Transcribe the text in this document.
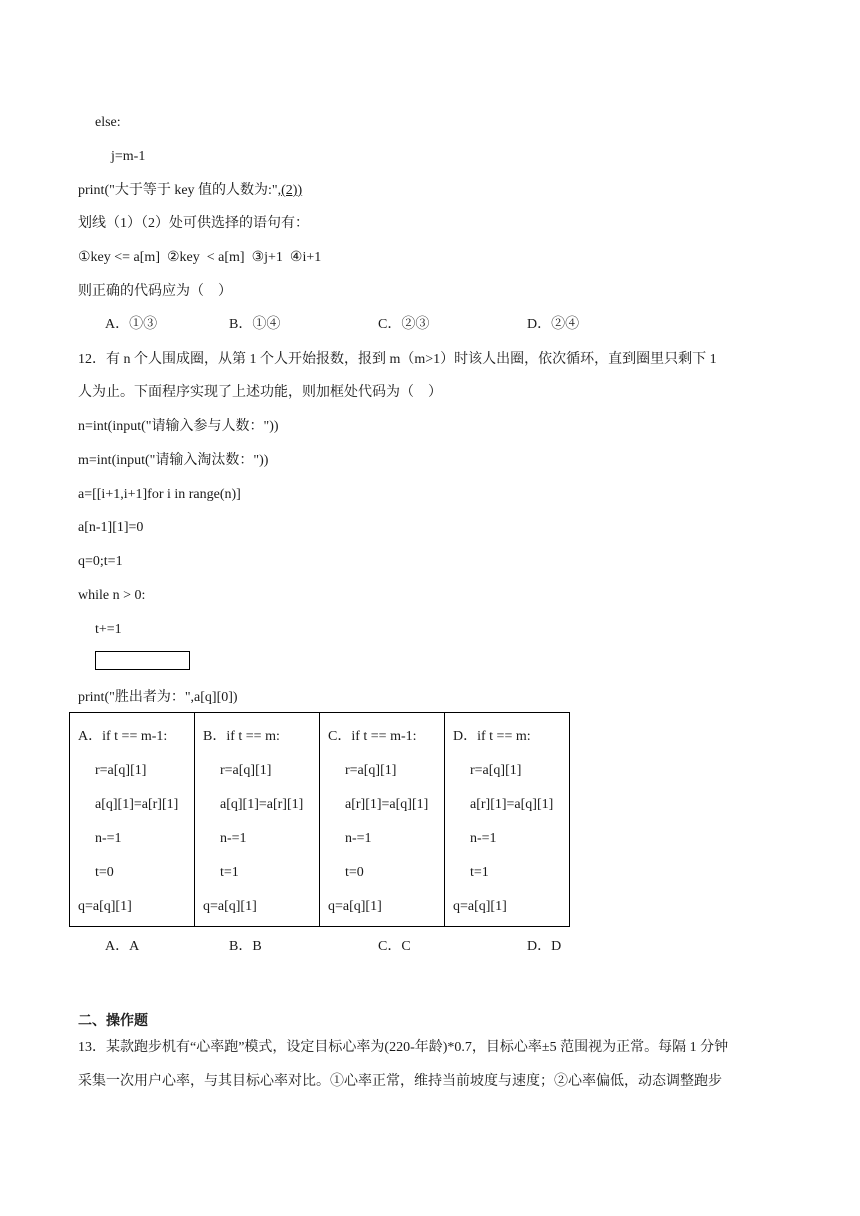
else:
j=m-1
print("大于等于 key 值的人数为:",(2))
划线（1）（2）处可供选择的语句有：
①key <= a[m]  ②key  < a[m]  ③j+1  ④i+1
则正确的代码应为（    ）
A．①③	B．①④	C．②③	D．②④
12．有 n 个人围成圈，从第 1 个人开始报数，报到 m（m>1）时该人出圈，依次循环，直到圈里只剩下 1
人为止。下面程序实现了上述功能，则加框处代码为（    ）
n=int(input("请输入参与人数："))
m=int(input("请输入淘汰数："))
a=[[i+1,i+1]for i in range(n)]
a[n-1][1]=0
q=0;t=1
while n > 0:
t+=1
print("胜出者为：",a[q][0])
A．if t == m-1:
r=a[q][1]
a[q][1]=a[r][1]
n-=1
t=0
q=a[q][1]

B．if t == m:
r=a[q][1]
a[q][1]=a[r][1]
n-=1
t=1
q=a[q][1]

C．if t == m-1:
r=a[q][1]
a[r][1]=a[q][1]
n-=1
t=0
q=a[q][1]

D．if t == m:
r=a[q][1]
a[r][1]=a[q][1]
n-=1
t=1
q=a[q][1]
A．A	B．B	C．C	D．D
二、操作题
13．某款跑步机有“心率跑”模式，设定目标心率为(220-年龄)*0.7，目标心率±5 范围视为正常。每隔 1 分钟
采集一次用户心率，与其目标心率对比。①心率正常，维持当前坡度与速度；②心率偏低，动态调整跑步
